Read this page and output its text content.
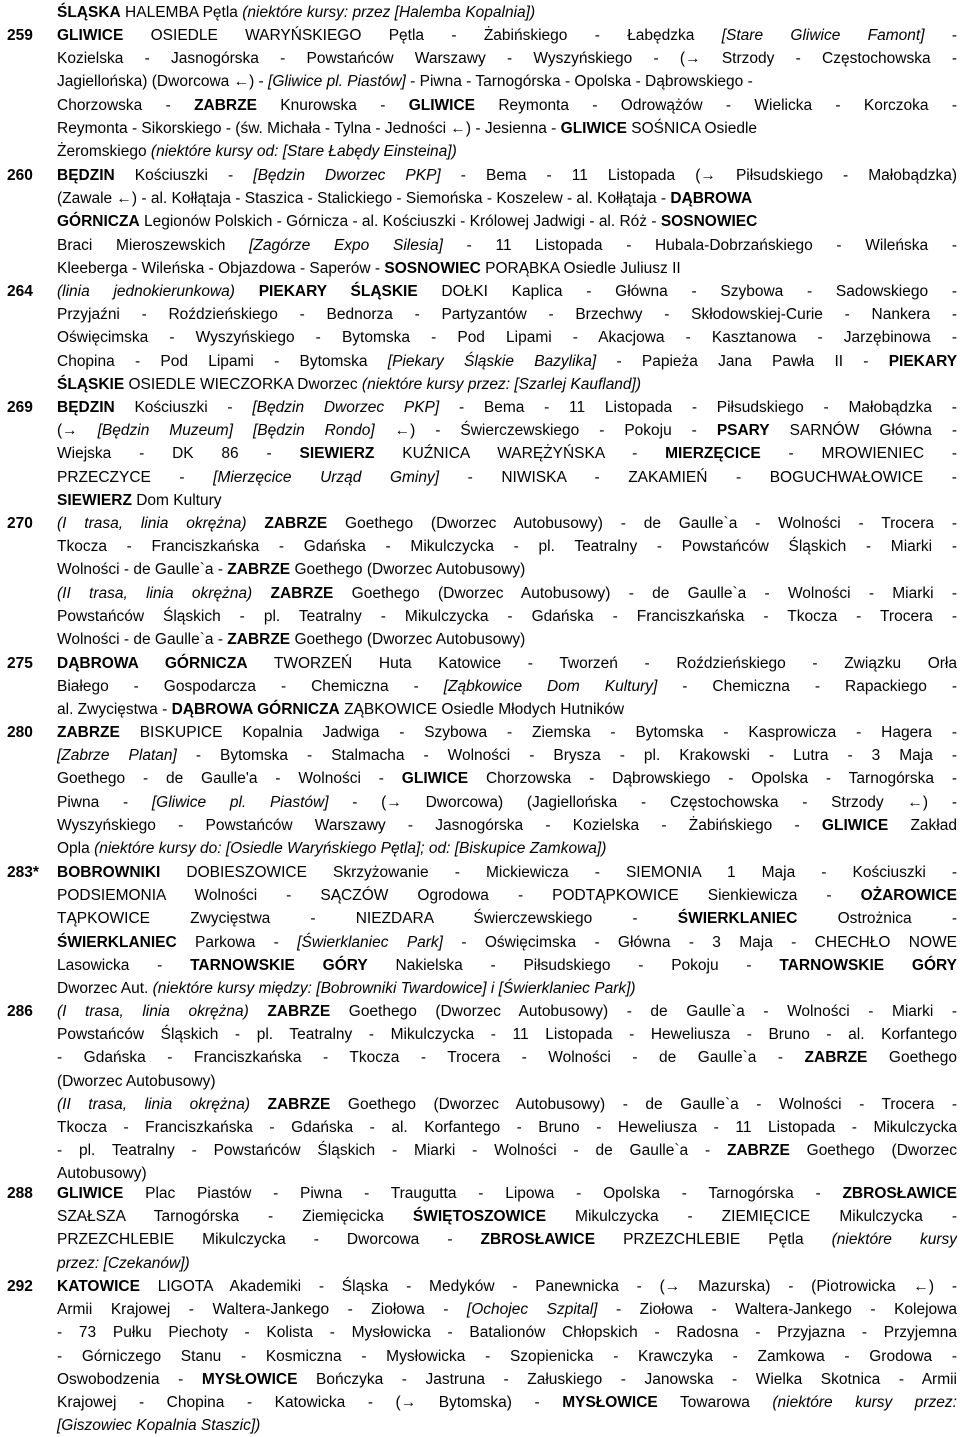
ŚLĄSKA HALEMBA Pętla (niektóre kursy: przez [Halemba Kopalnia])
259 GLIWICE OSIEDLE WARYŃSKIEGO Pętla - Żabińskiego - Łabędzka [Stare Gliwice Famont] -
Kozielska - Jasnogórska - Powstańców Warszawy - Wyszyńskiego - (→ Strzody - Częstochowska -
Jagiellońska) (Dworcowa ←) - [Gliwice pl. Piastów] - Piwna - Tarnogórska - Opolska - Dąbrowskiego -
Chorzowska - ZABRZE Knurowska - GLIWICE Reymonta - Odrowążów - Wielicka - Korczoka -
Reymonta - Sikorskiego - (św. Michała - Tylna - Jedności ←) - Jesienna - GLIWICE SOŚNICA Osiedle
Żeromskiego (niektóre kursy od: [Stare Łabędy Einsteina])
260 BĘDZIN Kościuszki - [Będzin Dworzec PKP] - Bema - 11 Listopada (→ Piłsudskiego - Małobądzka)
(Zawale ←) - al. Kołłątaja - Staszica - Stalickiego - Siemońska - Koszelew - al. Kołłątaja - DĄBROWA
GÓRNICZA Legionów Polskich - Górnicza - al. Kościuszki - Królowej Jadwigi - al. Róż - SOSNOWIEC
Braci Mieroszewskich [Zagórze Expo Silesia] - 11 Listopada - Hubala-Dobrzańskiego - Wileńska -
Kleeberga - Wileńska - Objazdowa - Saperów - SOSNOWIEC PORĄBKA Osiedle Juliusz II
264 (linia jednokierunkowa) PIEKARY ŚLĄSKIE DOŁKI Kaplica - Główna - Szybowa - Sadowskiego -
Przyjaźni - Roździeńskiego - Bednorza - Partyzantów - Brzechwy - Skłodowskiej-Curie - Nankera -
Oświęcimska - Wyszyńskiego - Bytomska - Pod Lipami - Akacjowa - Kasztanowa - Jarzębinowa -
Chopina - Pod Lipami - Bytomska [Piekary Śląskie Bazylika] - Papieża Jana Pawła II - PIEKARY
ŚLĄSKIE OSIEDLE WIECZORKA Dworzec (niektóre kursy przez: [Szarlej Kaufland])
269 BĘDZIN Kościuszki - [Będzin Dworzec PKP] - Bema - 11 Listopada - Piłsudskiego - Małobądzka -
(→ [Będzin Muzeum] [Będzin Rondo] ←) - Świerczewskiego - Pokoju - PSARY SARNÓW Główna -
Wiejska - DK 86 - SIEWIERZ KUŹNICA WARĘŻYŃSKA - MIERZĘCICE - MROWIENIEC -
PRZECZYCE - [Mierzęcice Urząd Gminy] - NIWISKA - ZAKAMIEŃ - BOGUCHWAŁOWICE -
SIEWIERZ Dom Kultury
270 (I trasa, linia okrężna) ZABRZE Goethego (Dworzec Autobusowy) - de Gaulle`a - Wolności - Trocera -
Tkocza - Franciszkańska - Gdańska - Mikulczycka - pl. Teatralny - Powstańców Śląskich - Miarki -
Wolności - de Gaulle`a - ZABRZE Goethego (Dworzec Autobusowy)
(II trasa, linia okrężna) ZABRZE Goethego (Dworzec Autobusowy) - de Gaulle`a - Wolności - Miarki -
Powstańców Śląskich - pl. Teatralny - Mikulczycka - Gdańska - Franciszkańska - Tkocza - Trocera -
Wolności - de Gaulle`a - ZABRZE Goethego (Dworzec Autobusowy)
275 DĄBROWA GÓRNICZA TWORZEŃ Huta Katowice - Tworzeń - Roździeńskiego - Związku Orła
Białego - Gospodarcza - Chemiczna - [Ząbkowice Dom Kultury] - Chemiczna - Rapackiego -
al. Zwycięstwa - DĄBROWA GÓRNICZA ZĄBKOWICE Osiedle Młodych Hutników
280 ZABRZE BISKUPICE Kopalnia Jadwiga - Szybowa - Ziemska - Bytomska - Kasprowicza - Hagera -
[Zabrze Platan] - Bytomska - Stalmacha - Wolności - Brysza - pl. Krakowski - Lutra - 3 Maja -
Goethego - de Gaulle'a - Wolności - GLIWICE Chorzowska - Dąbrowskiego - Opolska - Tarnogórska -
Piwna - [Gliwice pl. Piastów] - (→ Dworcowa) (Jagiellońska - Częstochowska - Strzody ←) -
Wyszyńskiego - Powstańców Warszawy - Jasnogórska - Kozielska - Żabińskiego - GLIWICE Zakład
Opla (niektóre kursy do: [Osiedle Waryńskiego Pętla]; od: [Biskupice Zamkowa])
283* BOBROWNIKI DOBIESZOWICE Skrzyżowanie - Mickiewicza - SIEMONIA 1 Maja - Kościuszki -
PODSIEMONIA Wolności - SĄCZÓW Ogrodowa - PODTĄPKOWICE Sienkiewicza - OŻAROWICE
TĄPKOWICE Zwycięstwa - NIEZDARA Świerczewskiego - ŚWIERKLANIEC Ostrożnica -
ŚWIERKLANIEC Parkowa - [Świerklaniec Park] - Oświęcimska - Główna - 3 Maja - CHECHŁO NOWE
Lasowicka - TARNOWSKIE GÓRY Nakielska - Piłsudskiego - Pokoju - TARNOWSKIE GÓRY
Dworzec Aut. (niektóre kursy między: [Bobrowniki Twardowice] i [Świerklaniec Park])
286 (I trasa, linia okrężna) ZABRZE Goethego (Dworzec Autobusowy) - de Gaulle`a - Wolności - Miarki -
Powstańców Śląskich - pl. Teatralny - Mikulczycka - 11 Listopada - Heweliusza - Bruno - al. Korfantego
- Gdańska - Franciszkańska - Tkocza - Trocera - Wolności - de Gaulle`a - ZABRZE Goethego
(Dworzec Autobusowy)
(II trasa, linia okrężna) ZABRZE Goethego (Dworzec Autobusowy) - de Gaulle`a - Wolności - Trocera -
Tkocza - Franciszkańska - Gdańska - al. Korfantego - Bruno - Heweliusza - 11 Listopada - Mikulczycka
- pl. Teatralny - Powstańców Śląskich - Miarki - Wolności - de Gaulle`a - ZABRZE Goethego (Dworzec
Autobusowy)
288 GLIWICE Plac Piastów - Piwna - Traugutta - Lipowa - Opolska - Tarnogórska - ZBROSŁAWICE
SZAŁSZA Tarnogórska - Ziemięcicka ŚWIĘTOSZOWICE Mikulczycka - ZIEMIĘCICE Mikulczycka -
PRZEZCHLEBIE Mikulczycka - Dworcowa - ZBROSŁAWICE PRZEZCHLEBIE Pętla (niektóre kursy
przez: [Czekanów])
292 KATOWICE LIGOTA Akademiki - Śląska - Medyków - Panewnicka - (→ Mazurska) - (Piotrowicka ←) -
Armii Krajowej - Waltera-Jankego - Ziołowa - [Ochojec Szpital] - Ziołowa - Waltera-Jankego - Kolejowa
- 73 Pułku Piechoty - Kolista - Mysłowicka - Batalionów Chłopskich - Radosna - Przyjazna - Przyjemna
- Górniczego Stanu - Kosmiczna - Mysłowicka - Szopienicka - Krawczyka - Zamkowa - Grodowa -
Oswobodzenia - MYSŁOWICE Bończyka - Jastruna - Załuskiego - Janowska - Wielka Skotnica - Armii
Krajowej - Chopina - Katowicka - (→ Bytomska) - MYSŁOWICE Towarowa (niektóre kursy przez:
[Giszowiec Kopalnia Staszic])
